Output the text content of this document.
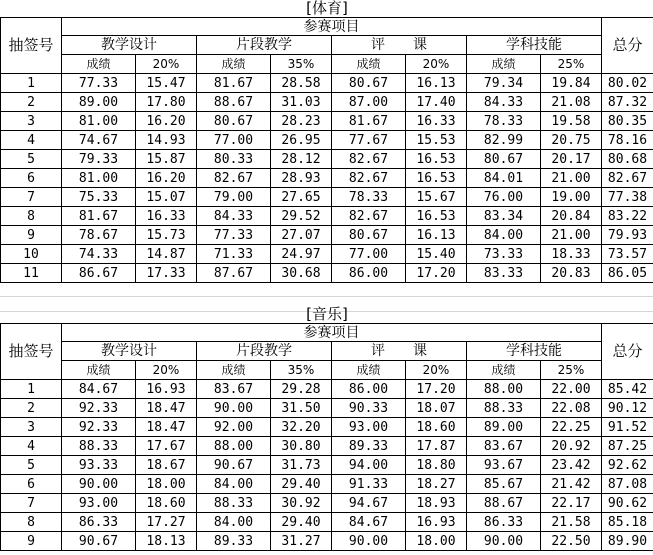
[体育]									
抽签号	参赛项目								总分
	教学设计		片段教学		评　　课		学科技能		
	成绩	20%	成绩	35%	成绩	20%	成绩	25%	
1	77.33	15.47	81.67	28.58	80.67	16.13	79.34	19.84	80.02
2	89.00	17.80	88.67	31.03	87.00	17.40	84.33	21.08	87.32
3	81.00	16.20	80.67	28.23	81.67	16.33	78.33	19.58	80.35
4	74.67	14.93	77.00	26.95	77.67	15.53	82.99	20.75	78.16
5	79.33	15.87	80.33	28.12	82.67	16.53	80.67	20.17	80.68
6	81.00	16.20	82.67	28.93	82.67	16.53	84.01	21.00	82.67
7	75.33	15.07	79.00	27.65	78.33	15.67	76.00	19.00	77.38
8	81.67	16.33	84.33	29.52	82.67	16.53	83.34	20.84	83.22
9	78.67	15.73	77.33	27.07	80.67	16.13	84.00	21.00	79.93
10	74.33	14.87	71.33	24.97	77.00	15.40	73.33	18.33	73.57
11	86.67	17.33	87.67	30.68	86.00	17.20	83.33	20.83	86.05

[音乐]									
抽签号	参赛项目								总分
	教学设计		片段教学		评　　课		学科技能		
	成绩	20%	成绩	35%	成绩	20%	成绩	25%	
1	84.67	16.93	83.67	29.28	86.00	17.20	88.00	22.00	85.42
2	92.33	18.47	90.00	31.50	90.33	18.07	88.33	22.08	90.12
3	92.33	18.47	92.00	32.20	93.00	18.60	89.00	22.25	91.52
4	88.33	17.67	88.00	30.80	89.33	17.87	83.67	20.92	87.25
5	93.33	18.67	90.67	31.73	94.00	18.80	93.67	23.42	92.62
6	90.00	18.00	84.00	29.40	91.33	18.27	85.67	21.42	87.08
7	93.00	18.60	88.33	30.92	94.67	18.93	88.67	22.17	90.62
8	86.33	17.27	84.00	29.40	84.67	16.93	86.33	21.58	85.18
9	90.67	18.13	89.33	31.27	90.00	18.00	90.00	22.50	89.90
